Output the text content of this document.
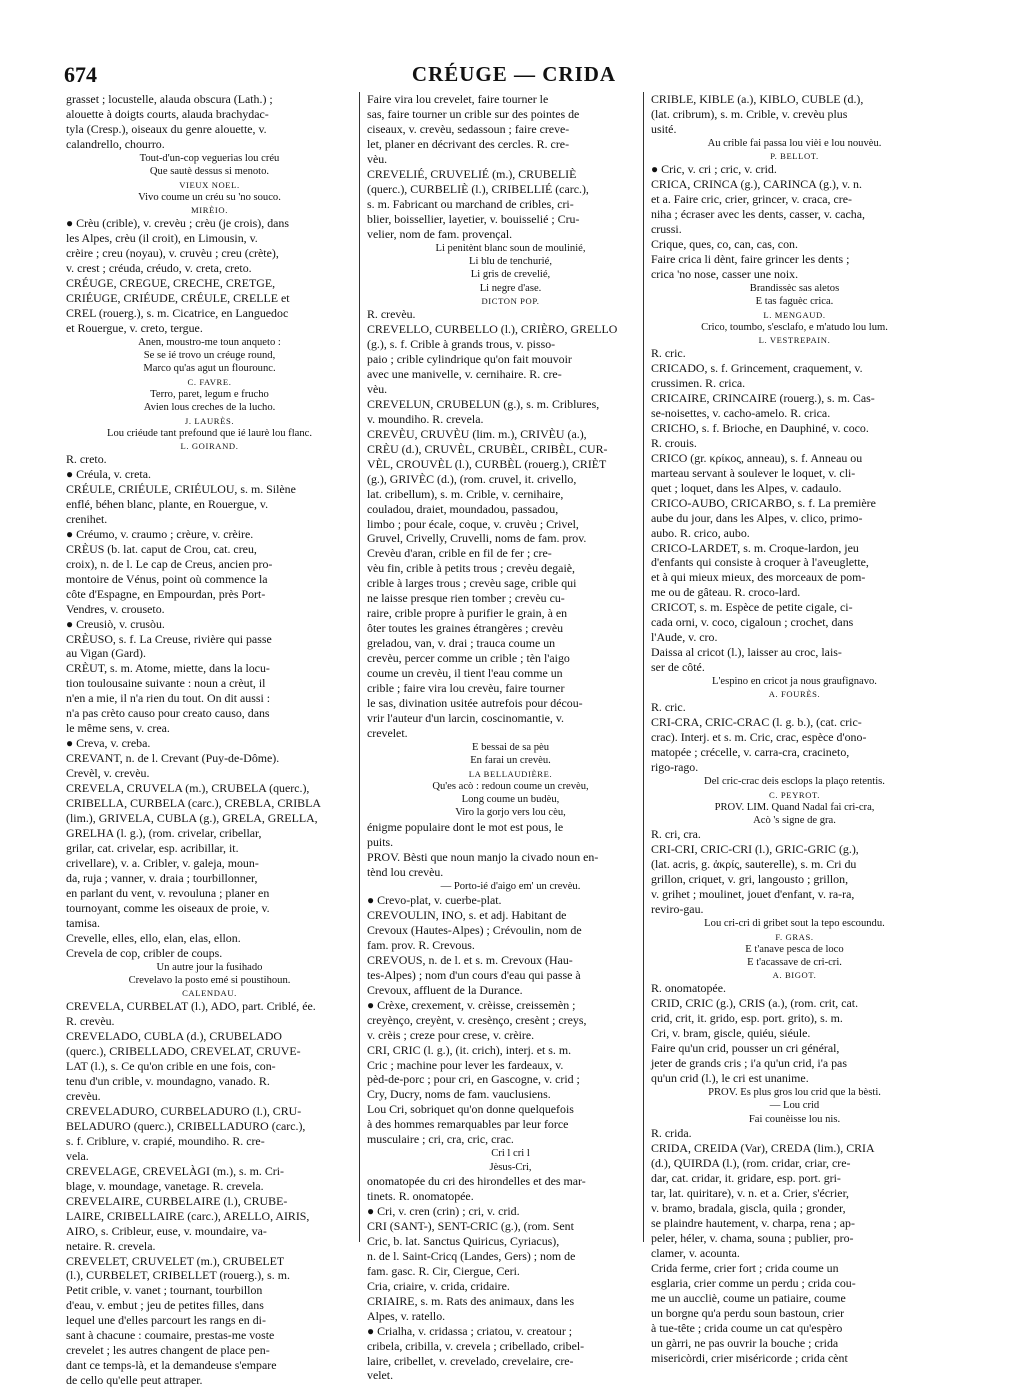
CRÉUGE — CRIDA
674

grasset ; locustelle, alauda obscura (Lath.) ;

alouette à doigts courts, alauda brachydac-

tyla (Cresp.), oiseaux du genre alouette, v.

calandrello, chourro.

Tout-d'un-cop veguerias lou créu

Que sautè dessus si menoto.

VIEUX NOEL.

Vivo coume un créu su 'no souco.

MIRÈIO.

● Crèu (crible), v. crevèu ; crèu (je crois), dans

les Alpes, crèu (il croit), en Limousin, v.

crèire ; creu (noyau), v. cruvèu ; creu (crète),

v. crest ; créuda, créudo, v. creta, creto.

CRÉUGE, CREGUE, CRECHE, CRETGE,

CRIÉUGE, CRIÉUDE, CRÉULE, CRELLE et

CREL (rouerg.), s. m. Cicatrice, en Languedoc

et Rouergue, v. creto, tergue.

Anen, moustro-me toun anqueto :

Se se ié trovo un créuge round,

Marco qu'as agut un flourounc.

C. FAVRE.

Terro, paret, legum e frucho

Avien lous creches de la lucho.

J. LAURÈS.

Lou criéude tant prefound que ié laurè lou flanc.

L. GOIRAND.

R. creto.

● Créula, v. creta.

CRÉULE, CRIÉULE, CRIÉULOU, s. m. Silène

enflé, béhen blanc, plante, en Rouergue, v.

crenihet.

● Créumo, v. craumo ; crèure, v. crèire.

CRÈUS (b. lat. caput de Crou, cat. creu,

croix), n. de l. Le cap de Creus, ancien pro-

montoire de Vénus, point où commence la

côte d'Espagne, en Empourdan, près Port-

Vendres, v. crouseto.

● Creusiò, v. crusòu.

CRÈUSO, s. f. La Creuse, rivière qui passe

au Vigan (Gard).

CRÈUT, s. m. Atome, miette, dans la locu-

tion toulousaine suivante : noun a crèut, il

n'en a mie, il n'a rien du tout. On dit aussi :

n'a pas crèto causo pour creato causo, dans

le même sens, v. crea.

● Creva, v. creba.

CREVANT, n. de l. Crevant (Puy-de-Dôme).

Crevèl, v. crevèu.

CREVELA, CRUVELA (m.), CRUBELA (querc.),

CRIBELLA, CURBELA (carc.), CREBLA, CRIBLA

(lim.), GRIVELA, CUBLA (g.), GRELA, GRELLA,

GRELHA (l. g.), (rom. crivelar, cribellar,

grilar, cat. crivelar, esp. acribillar, it.

crivellare), v. a. Cribler, v. galeja, moun-

da, ruja ; vanner, v. draia ; tourbillonner,

en parlant du vent, v. revouluna ; planer en

tournoyant, comme les oiseaux de proie, v.

tamisa.

Crevelle, elles, ello, elan, elas, ellon.

Crevela de cop, cribler de coups.

Un autre jour la fusihado

Crevelavo la posto emé si poustihoun.

CALENDAU.

CREVELA, CURBELAT (l.), ADO, part. Criblé, ée.

R. crevèu.

CREVELADO, CUBLA (d.), CRUBELADO

(querc.), CRIBELLADO, CREVELAT, CRUVE-

LAT (l.), s. Ce qu'on crible en une fois, con-

tenu d'un crible, v. moundagno, vanado. R.

crevèu.

CREVELADURO, CURBELADURO (l.), CRU-

BELADURO (querc.), CRIBELLADURO (carc.),

s. f. Criblure, v. crapié, moundiho. R. cre-

vela.

CREVELAGE, CREVELÀGI (m.), s. m. Cri-

blage, v. moundage, vanetage. R. crevela.

CREVELAIRE, CURBELAIRE (l.), CRUBE-

LAIRE, CRIBELLAIRE (carc.), ARELLO, AIRIS,

AIRO, s. Cribleur, euse, v. moundaire, va-

netaire. R. crevela.

CREVELET, CRUVELET (m.), CRUBELET

(l.), CURBELET, CRIBELLET (rouerg.), s. m.

Petit crible, v. vanet ; tournant, tourbillon

d'eau, v. embut ; jeu de petites filles, dans

lequel une d'elles parcourt les rangs en di-

sant à chacune : coumaire, prestas-me voste

crevelet ; les autres changent de place pen-

dant ce temps-là, et la demandeuse s'empare

de cello qu'elle peut attraper.

Faire vira lou crevelet, faire tourner le

sas, faire tourner un crible sur des pointes de

ciseaux, v. crevèu, sedassoun ; faire creve-

let, planer en décrivant des cercles. R. cre-

vèu.

CREVELIÉ, CRUVELIÉ (m.), CRUBELIÈ

(querc.), CURBELIÈ (l.), CRIBELLIÉ (carc.),

s. m. Fabricant ou marchand de cribles, cri-

blier, boissellier, layetier, v. bouisselié ; Cru-

velier, nom de fam. provençal.

Li penitènt blanc soun de moulinié,

Li blu de tenchurié,

Li gris de crevelié,

Li negre d'ase.

DICTON POP.

R. crevèu.

CREVELLO, CURBELLO (l.), CRIÈRO, GRELLO

(g.), s. f. Crible à grands trous, v. pisso-

paio ; crible cylindrique qu'on fait mouvoir

avec une manivelle, v. cernihaire. R. cre-

vèu.

CREVELUN, CRUBELUN (g.), s. m. Criblures,

v. moundiho. R. crevela.

CREVÈU, CRUVÈU (lim. m.), CRIVÈU (a.),

CRÈU (d.), CRUVÈL, CRUBÈL, CRIBÈL, CUR-

VÈL, CROUVÈL (l.), CURBÈL (rouerg.), CRIÈT

(g.), GRIVÈC (d.), (rom. cruvel, it. crivello,

lat. cribellum), s. m. Crible, v. cernihaire,

couladou, draiet, moundadou, passadou,

limbo ; pour écale, coque, v. cruvèu ; Crivel,

Gruvel, Crivelly, Cruvelli, noms de fam. prov.

Crevèu d'aran, crible en fil de fer ; cre-

vèu fin, crible à petits trous ; crevèu degaiè,

crible à larges trous ; crevèu sage, crible qui

ne laisse presque rien tomber ; crevèu cu-

raire, crible propre à purifier le grain, à en

ôter toutes les graines étrangères ; crevèu

greladou, van, v. drai ; trauca coume un

crevèu, percer comme un crible ; tèn l'aigo

coume un crevèu, il tient l'eau comme un

crible ; faire vira lou crevèu, faire tourner

le sas, divination usitée autrefois pour décou-

vrir l'auteur d'un larcin, coscinomantie, v.

crevelet.

E bessai de sa pèu

En farai un crevèu.

LA BELLAUDIÈRE.

Qu'es acò : redoun coume un crevèu,

Long coume un budèu,

Viro la gorjo vers lou cèu,

énigme populaire dont le mot est pous, le

puits.

PROV. Bèsti que noun manjo la civado noun en-

tènd lou crevèu.

— Porto-ié d'aigo em' un crevèu.

● Crevo-plat, v. cuerbe-plat.

CREVOULIN, INO, s. et adj. Habitant de

Crevoux (Hautes-Alpes) ; Crévoulin, nom de

fam. prov. R. Crevous.

CREVOUS, n. de l. et s. m. Crevoux (Hau-

tes-Alpes) ; nom d'un cours d'eau qui passe à

Crevoux, affluent de la Durance.

● Crèxe, crexement, v. crèisse, creissemèn ;

creyènço, creyènt, v. cresènço, cresènt ; creys,

v. crèis ; creze pour crese, v. crèire.

CRI, CRIC (l. g.), (it. crich), interj. et s. m.

Cric ; machine pour lever les fardeaux, v.

pèd-de-porc ; pour cri, en Gascogne, v. crid ;

Cry, Ducry, noms de fam. vauclusiens.

Lou Cri, sobriquet qu'on donne quelquefois

à des hommes remarquables par leur force

musculaire ; cri, cra, cric, crac.

Cri l cri l

Jèsus-Cri,

onomatopée du cri des hirondelles et des mar-

tinets. R. onomatopée.

● Cri, v. cren (crin) ; cri, v. crid.

CRI (SANT-), SENT-CRIC (g.), (rom. Sent

Cric, b. lat. Sanctus Quiricus, Cyriacus),

n. de l. Saint-Cricq (Landes, Gers) ; nom de

fam. gasc. R. Cir, Ciergue, Ceri.

Cria, criaire, v. crida, cridaire.

CRIAIRE, s. m. Rats des animaux, dans les

Alpes, v. ratello.

● Crialha, v. cridassa ; criatou, v. creatour ;

cribela, cribilla, v. crevela ; cribellado, cribel-

laire, cribellet, v. crevelado, crevelaire, cre-

velet.

CRIBLE, KIBLE (a.), KIBLO, CUBLE (d.),

(lat. cribrum), s. m. Crible, v. crevèu plus

usité.

Au crible fai passa lou vièi e lou nouvèu.

P. BELLOT.

● Cric, v. cri ; cric, v. crid.

CRICA, CRINCA (g.), CARINCA (g.), v. n.

et a. Faire cric, crier, grincer, v. craca, cre-

niha ; écraser avec les dents, casser, v. cacha,

crussi.

Crique, ques, co, can, cas, con.

Faire crica li dènt, faire grincer les dents ;

crica 'no nose, casser une noix.

Brandissèc sas aletos

E tas faguèc crica.

L. MENGAUD.

Crico, toumbo, s'esclafo, e m'atudo lou lum.

L. VESTREPAIN.

R. cric.

CRICADO, s. f. Grincement, craquement, v.

crussimen. R. crica.

CRICAIRE, CRINCAIRE (rouerg.), s. m. Cas-

se-noisettes, v. cacho-amelo. R. crica.

CRICHO, s. f. Brioche, en Dauphiné, v. coco.

R. crouis.

CRICO (gr. κρίκος, anneau), s. f. Anneau ou

marteau servant à soulever le loquet, v. cli-

quet ; loquet, dans les Alpes, v. cadaulo.

CRICO-AUBO, CRICARBO, s. f. La première

aube du jour, dans les Alpes, v. clico, primo-

aubo. R. crico, aubo.

CRICO-LARDET, s. m. Croque-lardon, jeu

d'enfants qui consiste à croquer à l'aveuglette,

et à qui mieux mieux, des morceaux de pom-

me ou de gâteau. R. croco-lard.

CRICOT, s. m. Espèce de petite cigale, ci-

cada orni, v. coco, cigaloun ; crochet, dans

l'Aude, v. cro.

Daissa al cricot (l.), laisser au croc, lais-

ser de côté.

L'espino en cricot ja nous graufignavo.

A. FOURÈS.

R. cric.

CRI-CRA, CRIC-CRAC (l. g. b.), (cat. cric-

crac). Interj. et s. m. Cric, crac, espèce d'ono-

matopée ; crécelle, v. carra-cra, cracineto,

rigo-rago.

Del cric-crac deis esclops la plaço retentis.

C. PEYROT.

PROV. LIM. Quand Nadal fai cri-cra,

Acò 's signe de gra.

R. cri, cra.

CRI-CRI, CRIC-CRI (l.), GRIC-GRIC (g.),

(lat. acris, g. ἀκρίς, sauterelle), s. m. Cri du

grillon, criquet, v. gri, langousto ; grillon,

v. grihet ; moulinet, jouet d'enfant, v. ra-ra,

reviro-gau.

Lou cri-cri di gribet sout la tepo escoundu.

F. GRAS.

E t'anave pesca de loco

E t'acassave de cri-cri.

A. BIGOT.

R. onomatopée.

CRID, CRIC (g.), CRIS (a.), (rom. crit, cat.

crid, crit, it. grido, esp. port. grito), s. m.

Cri, v. bram, giscle, quiéu, siéule.

Faire qu'un crid, pousser un cri général,

jeter de grands cris ; i'a qu'un crid, i'a pas

qu'un crid (l.), le cri est unanime.

PROV. Es plus gros lou crid que la bèsti.

— Lou crid

Fai counèisse lou nis.

R. crida.

CRIDA, CREIDA (Var), CREDA (lim.), CRIA

(d.), QUIRDA (l.), (rom. cridar, criar, cre-

dar, cat. cridar, it. gridare, esp. port. gri-

tar, lat. quiritare), v. n. et a. Crier, s'écrier,

v. bramo, bradala, giscla, quila ; gronder,

se plaindre hautement, v. charpa, rena ; ap-

peler, héler, v. chama, souna ; publier, pro-

clamer, v. acounta.

Crida ferme, crier fort ; crida coume un

esglaria, crier comme un perdu ; crida cou-

me un auccliè, coume un patiaire, coume

un borgne qu'a perdu soun bastoun, crier

à tue-tête ; crida coume un cat qu'espèro

un gàrri, ne pas ouvrir la bouche ; crida

misericòrdi, crier miséricorde ; crida cènt
